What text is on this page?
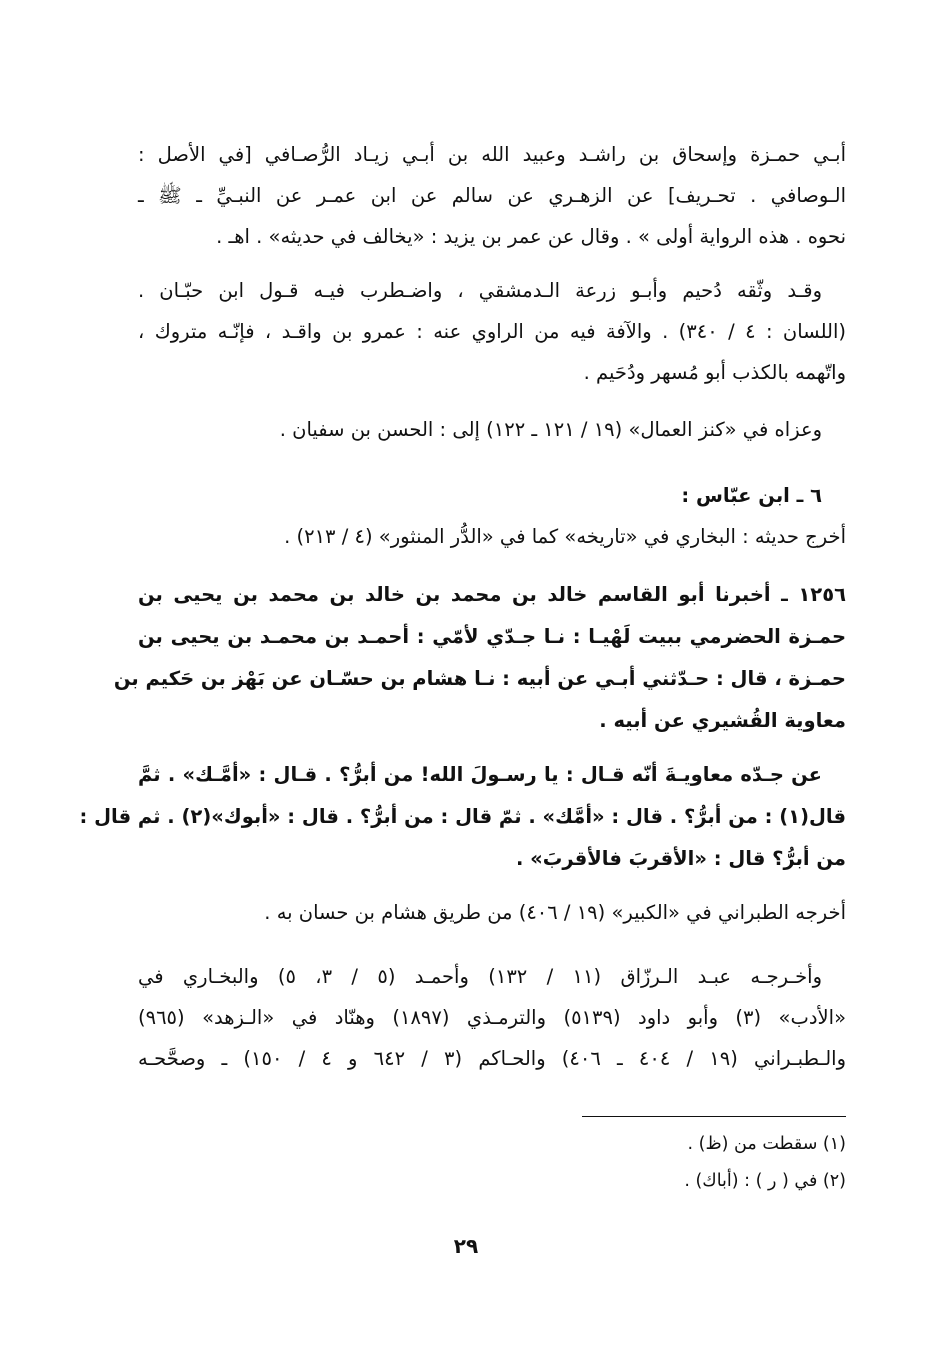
أبـي حمـزة وإسحاق بن راشـد وعبيد الله بن أبـي زيـاد الرُّصـافي [في الأصل :
الـوصافي . تحـريف] عن الزهـري عن سالم عن ابن عمـر عن النبـيِّ ـ ﷺ ـ
نحوه . هذه الرواية أولى » . وقال عن عمر بن يزيد : «يخالف في حديثه» . اهـ .
وقـد وثّقه دُحيم وأبـو زرعة الـدمشقي ، واضـطرب فيـه قـول ابن حبّـان .
(اللسان : ٤ / ٣٤٠) . والآفة فيه من الراوي عنه : عمرو بن واقـد ، فإنّـه متروك ،
واتّهمه بالكذب أبو مُسهر ودُحَيم .
وعزاه في «كنز العمال» (١٩ / ١٢١ ـ ١٢٢) إلى : الحسن بن سفيان .
٦ ـ ابن عبّاس :
أخرج حديثه : البخاري في «تاريخه» كما في «الدُّر المنثور» (٤ / ٢١٣) .
١٢٥٦ ـ أخبرنا أبو القاسم خالد بن محمد بن خالد بن محمد بن يحيى بن
حمـزة الحضرمي ببيت لَهْيـا : نـا جـدّي لأمّي : أحمـد بن محمـد بن يحيى بن
حمـزة ، قال : حـدّثني أبـي عن أبيه : نـا هشام بن حسّـان عن بَهْز بن حَكيم بن
معاوية القُشيري عن أبيه .
عن جـدّه معاويـةَ أنّه قـال : يا رسـولَ الله! من أبرُّ؟ . قـال : «أمَّـك» . ثمَّ
قال(١) : من أبرُّ؟ . قال : «أمَّك» . ثمّ قال : من أبرُّ؟ . قال : «أبوك»(٢) . ثم قال :
من أبرُّ؟ قال : «الأقربَ فالأقربَ» .
أخرجه الطبراني في «الكبير» (١٩ / ٤٠٦) من طريق هشام بن حسان به .
وأخـرجـه عبـد الـرزّاق (١١ / ١٣٢) وأحمـد (٥ / ٣، ٥) والبخـاري في
«الأدب» (٣) وأبو داود (٥١٣٩) والترمـذي (١٨٩٧) وهنّاد في «الـزهد» (٩٦٥)
والـطبـراني (١٩ / ٤٠٤ ـ ٤٠٦) والحـاكم (٣ / ٦٤٢ و ٤ / ١٥٠) ـ وصحَّحـه
(١) سقطت من (ظ) .
(٢) في ( ر ) : (أباك) .
٢٩
